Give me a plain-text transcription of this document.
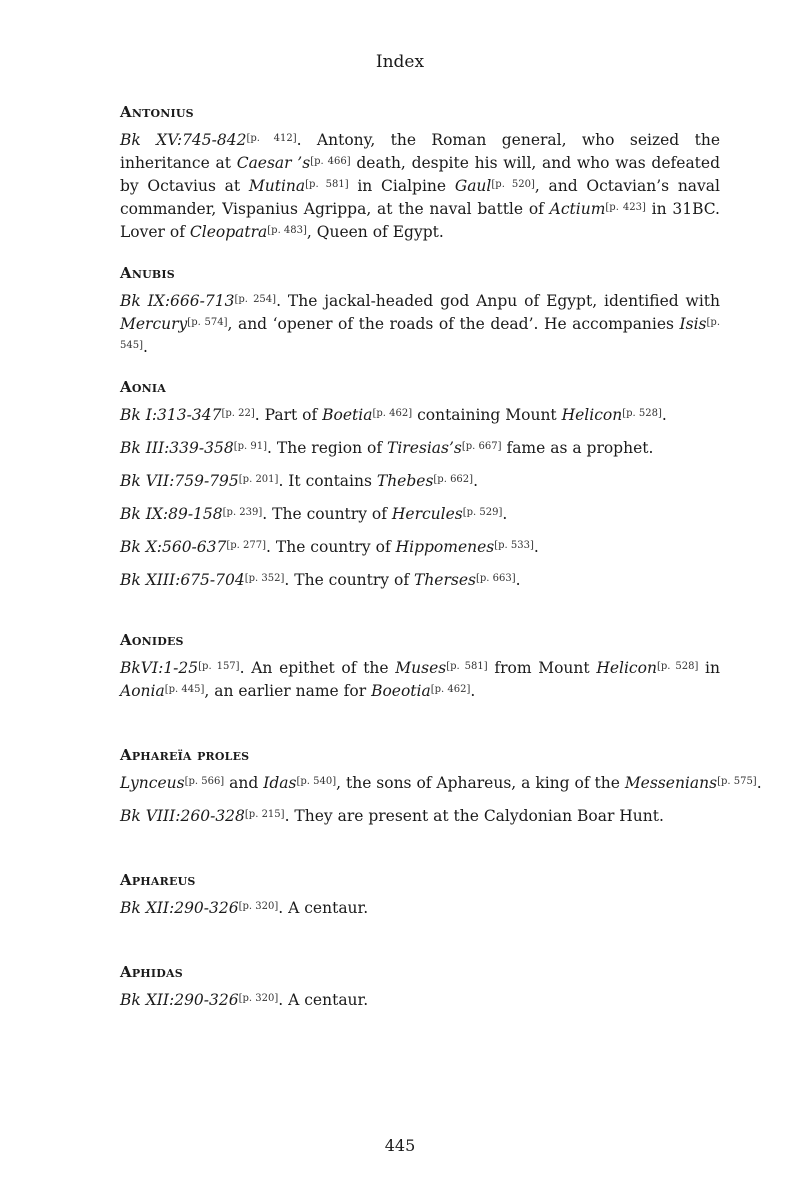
Index
Antonius
Bk XV:745-842[p. 412]. Antony, the Roman general, who seized the inheritance at Caesar ’s[p. 466] death, despite his will, and who was defeated by Octavius at Mutina[p. 581] in Cialpine Gaul[p. 520], and Octavian’s naval commander, Vispanius Agrippa, at the naval battle of Actium[p. 423] in 31BC. Lover of Cleopatra[p. 483], Queen of Egypt.
Anubis
Bk IX:666-713[p. 254]. The jackal-headed god Anpu of Egypt, identified with Mercury[p. 574], and ‘opener of the roads of the dead’. He accompanies Isis[p. 545].
Aonia
Bk I:313-347[p. 22]. Part of Boetia[p. 462] containing Mount Helicon[p. 528].
Bk III:339-358[p. 91]. The region of Tiresias’s[p. 667] fame as a prophet.
Bk VII:759-795[p. 201]. It contains Thebes[p. 662].
Bk IX:89-158[p. 239]. The country of Hercules[p. 529].
Bk X:560-637[p. 277]. The country of Hippomenes[p. 533].
Bk XIII:675-704[p. 352]. The country of Therses[p. 663].
Aonides
BkVI:1-25[p. 157]. An epithet of the Muses[p. 581] from Mount Helicon[p. 528] in Aonia[p. 445], an earlier name for Boeotia[p. 462].
Aphareïa proles
Lynceus[p. 566] and Idas[p. 540], the sons of Aphareus, a king of the Messenians[p. 575].
Bk VIII:260-328[p. 215]. They are present at the Calydonian Boar Hunt.
Aphareus
Bk XII:290-326[p. 320]. A centaur.
Aphidas
Bk XII:290-326[p. 320]. A centaur.
445
